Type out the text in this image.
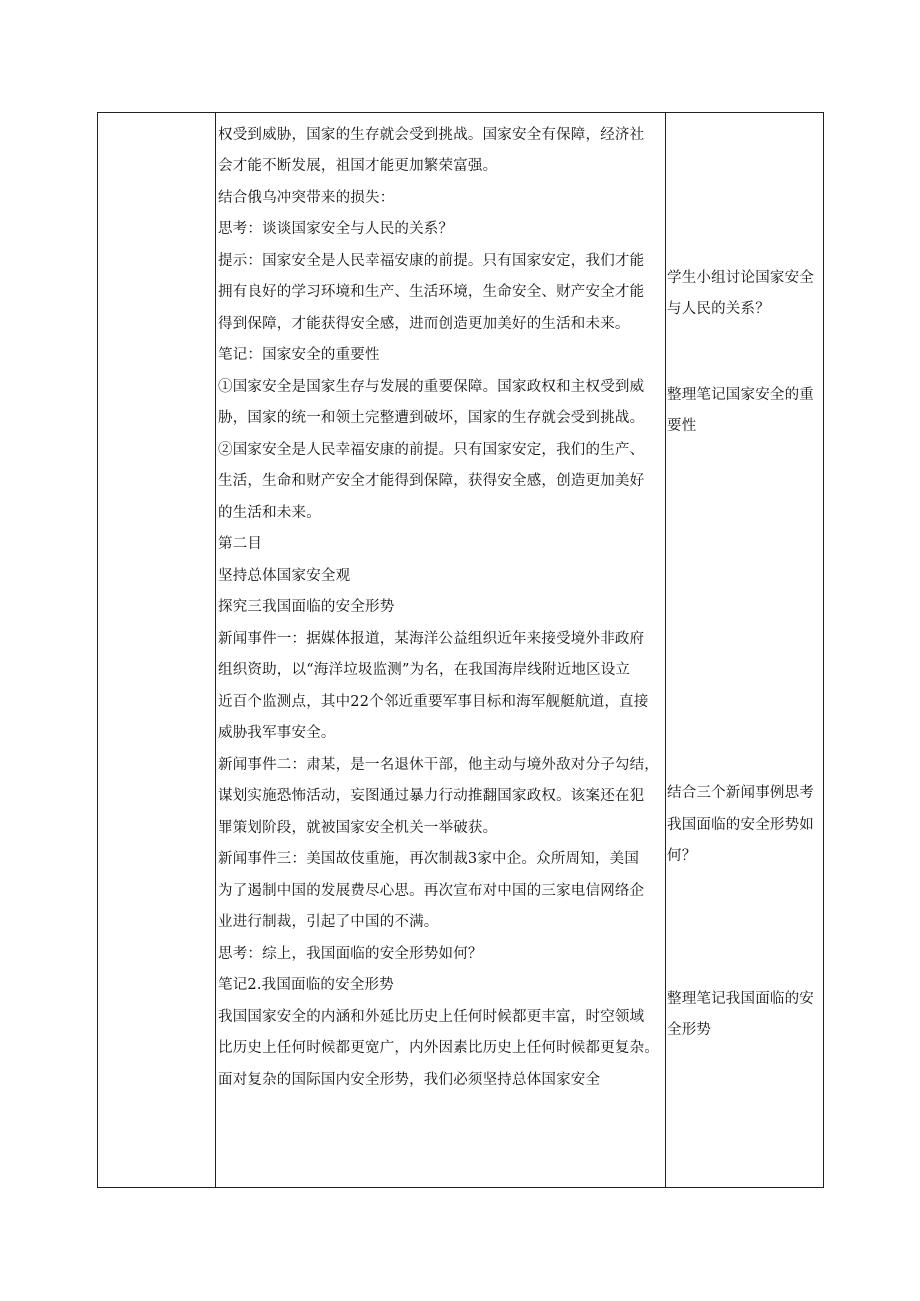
权受到威胁，国家的生存就会受到挑战。国家安全有保障，经济社
会才能不断发展，祖国才能更加繁荣富强。
结合俄乌冲突带来的损失：
思考：谈谈国家安全与人民的关系？
提示：国家安全是人民幸福安康的前提。只有国家安定，我们才能
拥有良好的学习环境和生产、生活环境，生命安全、财产安全才能
得到保障，才能获得安全感，进而创造更加美好的生活和未来。
笔记：国家安全的重要性
①国家安全是国家生存与发展的重要保障。国家政权和主权受到威
胁，国家的统一和领土完整遭到破坏，国家的生存就会受到挑战。
②国家安全是人民幸福安康的前提。只有国家安定，我们的生产、
生活，生命和财产安全才能得到保障，获得安全感，创造更加美好
的生活和未来。
第二目
坚持总体国家安全观
探究三我国面临的安全形势
新闻事件一：据媒体报道，某海洋公益组织近年来接受境外非政府
组织资助，以“海洋垃圾监测”为名，在我国海岸线附近地区设立
近百个监测点，其中22个邻近重要军事目标和海军舰艇航道，直接
威胁我军事安全。
新闻事件二：肃某，是一名退休干部，他主动与境外敌对分子勾结，
谋划实施恐怖活动，妄图通过暴力行动推翻国家政权。该案还在犯
罪策划阶段，就被国家安全机关一举破获。
新闻事件三：美国故伎重施，再次制裁3家中企。众所周知，美国
为了遏制中国的发展费尽心思。再次宣布对中国的三家电信网络企
业进行制裁，引起了中国的不满。
思考：综上，我国面临的安全形势如何？
笔记2.我国面临的安全形势
我国国家安全的内涵和外延比历史上任何时候都更丰富，时空领域
比历史上任何时候都更宽广，内外因素比历史上任何时候都更复杂。
面对复杂的国际国内安全形势，我们必须坚持总体国家安全
学生小组讨论国家安全
与人民的关系？
整理笔记国家安全的重
要性
结合三个新闻事例思考
我国面临的安全形势如
何？
整理笔记我国面临的安
全形势
